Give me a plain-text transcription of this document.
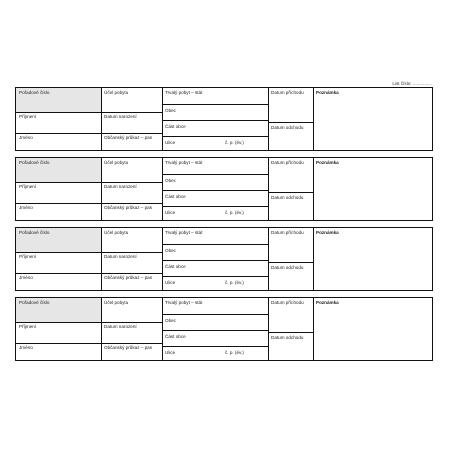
List číslo: ...............
Pořadové číslo
Příjmení
Jméno
Účel pobytu
Datum narození
Občanský průkaz – pas
Trvalý pobyt – stát
Obec
Část obce
Ulice	č. p. (év.)
Datum příchodu
Datum odchodu
Poznámka
Pořadové číslo
Příjmení
Jméno
Účel pobytu
Datum narození
Občanský průkaz – pas
Trvalý pobyt – stát
Obec
Část obce
Ulice	č. p. (év.)
Datum příchodu
Datum odchodu
Poznámka
Pořadové číslo
Příjmení
Jméno
Účel pobytu
Datum narození
Občanský průkaz – pas
Trvalý pobyt – stát
Obec
Část obce
Ulice	č. p. (év.)
Datum příchodu
Datum odchodu
Poznámka
Pořadové číslo
Příjmení
Jméno
Účel pobytu
Datum narození
Občanský průkaz – pas
Trvalý pobyt – stát
Obec
Část obce
Ulice	č. p. (év.)
Datum příchodu
Datum odchodu
Poznámka
